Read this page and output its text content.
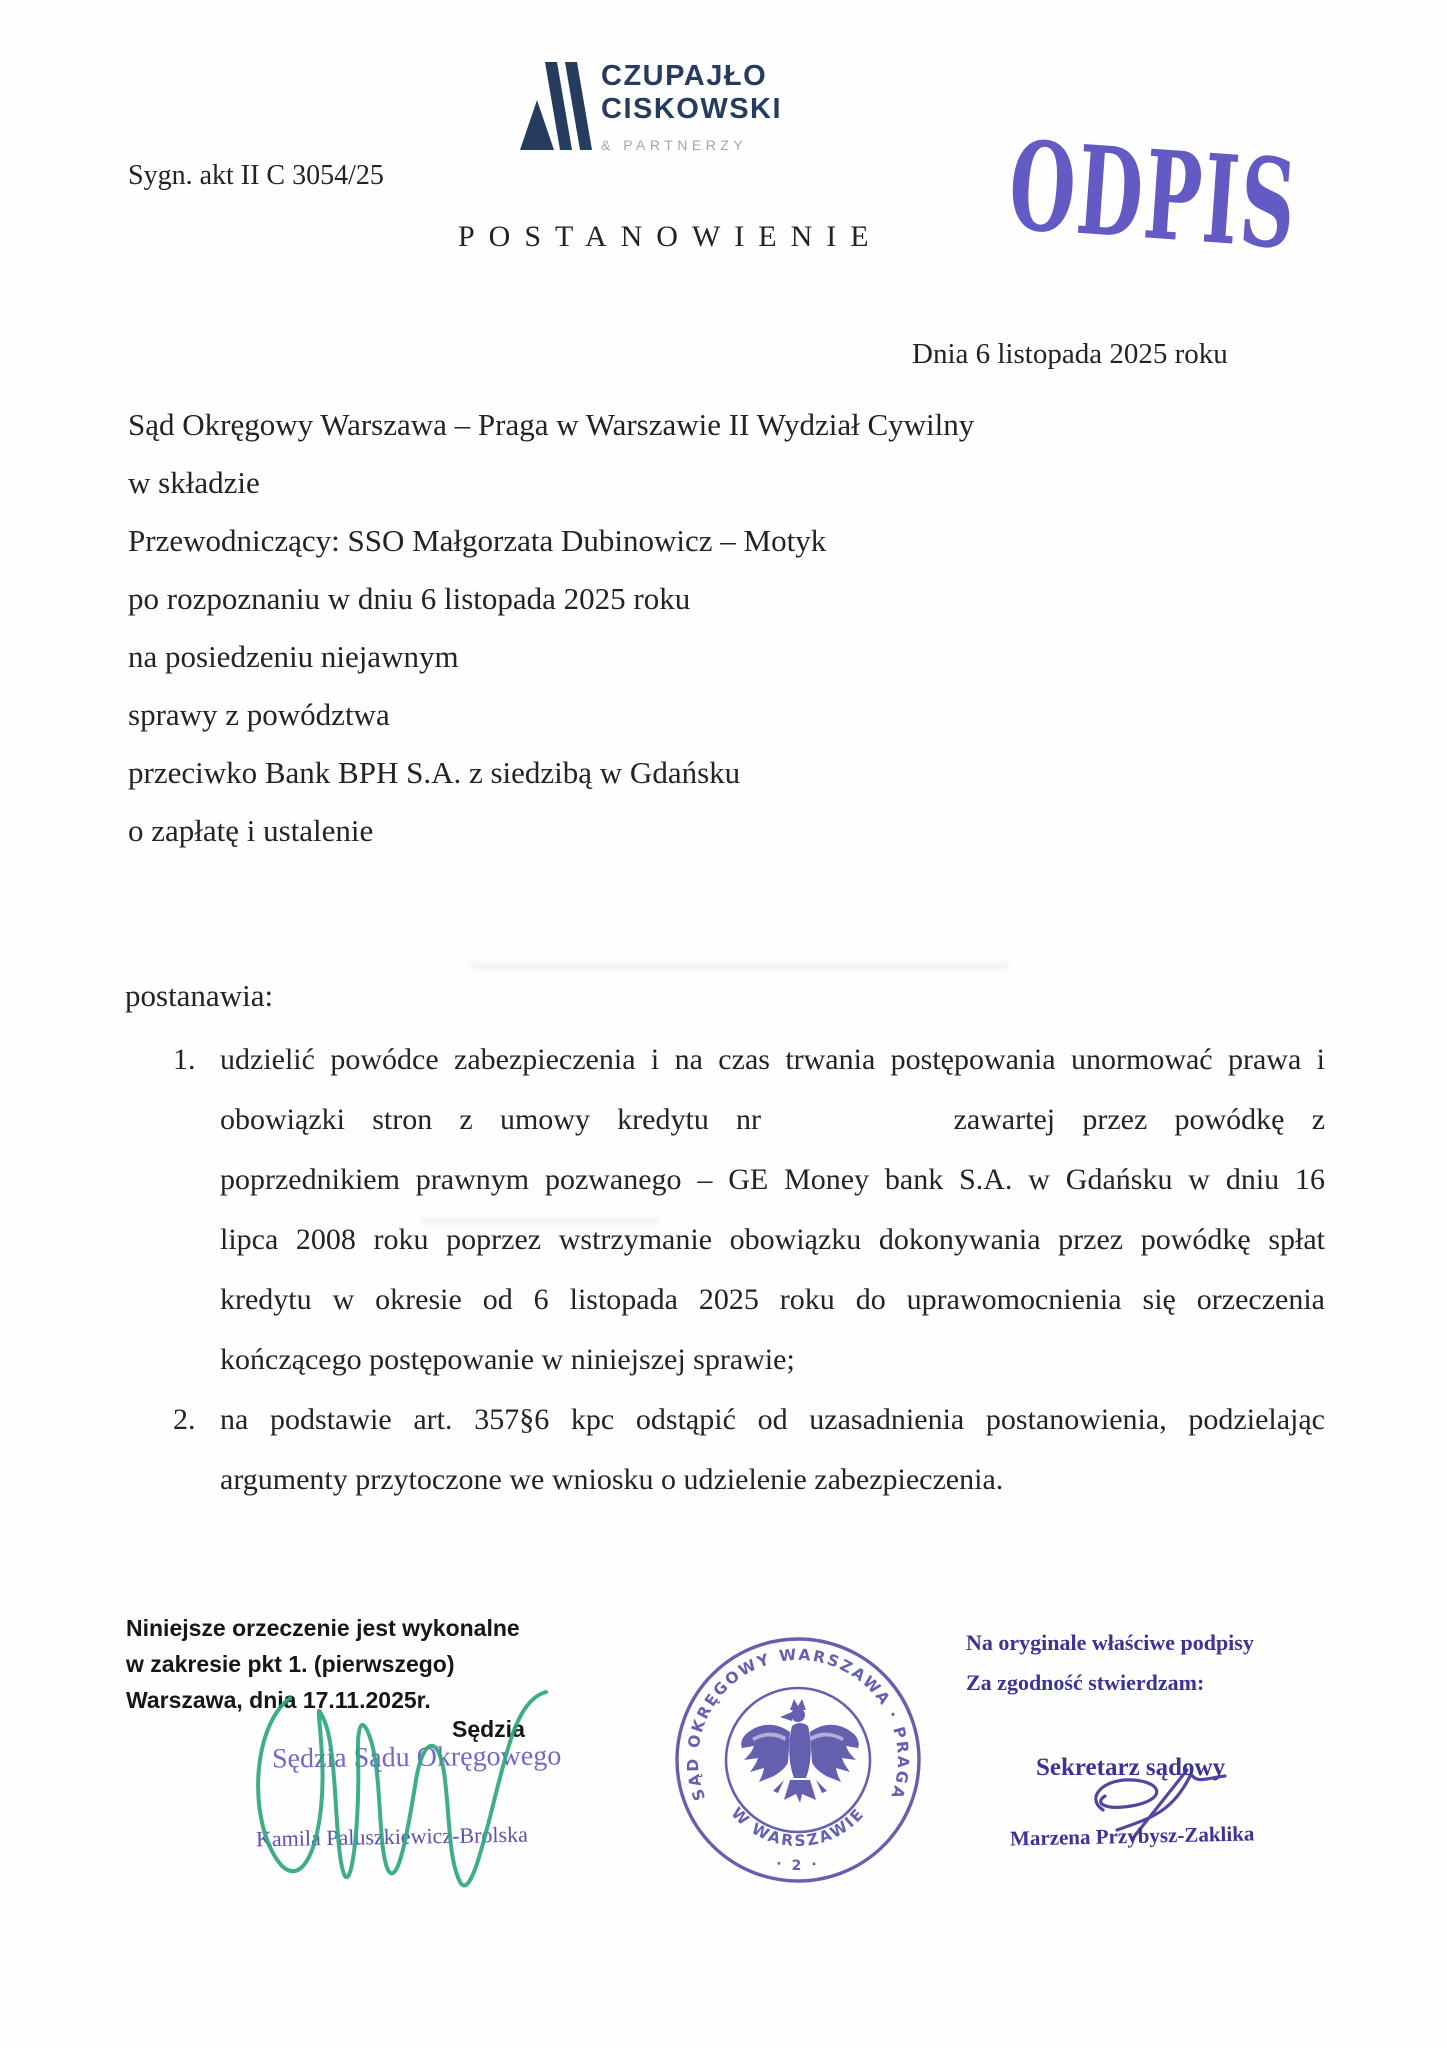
CZUPAJŁO
CISKOWSKI
& PARTNERZY
Sygn. akt II C 3054/25
POSTANOWIENIE ODPIS
Dnia 6 listopada 2025 roku
Sąd Okręgowy Warszawa – Praga w Warszawie II Wydział Cywilny
w składzie
Przewodniczący: SSO Małgorzata Dubinowicz – Motyk
po rozpoznaniu w dniu 6 listopada 2025 roku
na posiedzeniu niejawnym
sprawy z powództwa
przeciwko Bank BPH S.A. z siedzibą w Gdańsku
o zapłatę i ustalenie
postanawia:
1. udzielić powódce zabezpieczenia i na czas trwania postępowania unormować prawa i
obowiązki stron z umowy kredytu nr	zawartej przez powódkę z
poprzednikiem prawnym pozwanego – GE Money bank S.A. w Gdańsku w dniu 16
lipca 2008 roku poprzez wstrzymanie obowiązku dokonywania przez powódkę spłat
kredytu w okresie od 6 listopada 2025 roku do uprawomocnienia się orzeczenia
kończącego postępowanie w niniejszej sprawie;
2. na podstawie art. 357§6 kpc odstąpić od uzasadnienia postanowienia, podzielając
argumenty przytoczone we wniosku o udzielenie zabezpieczenia.
Niniejsze orzeczenie jest wykonalne
w zakresie pkt 1. (pierwszego)
Warszawa, dnia 17.11.2025r.
Sędzia
Sędzia Sądu Okręgowego
Kamila Paluszkiewicz-Brolska
SĄD OKRĘGOWY WARSZAWA · PRAGA
W WARSZAWIE
· 2 ·
Na oryginale właściwe podpisy
Za zgodność stwierdzam:
Sekretarz sądowy
Marzena Przybysz-Zaklika
